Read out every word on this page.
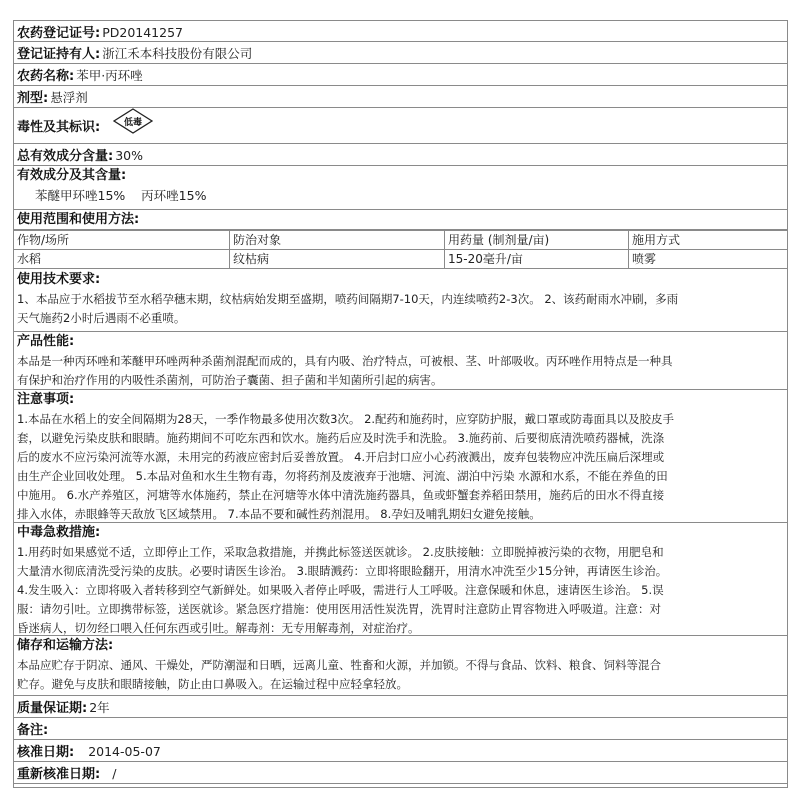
农药登记证号: PD20141257
登记证持有人: 浙江禾本科技股份有限公司
农药名称: 苯甲·丙环唑
剂型: 悬浮剂
毒性及其标识:	低毒
总有效成分含量: 30%
有效成分及其含量:
苯醚甲环唑15%    丙环唑15%
使用范围和使用方法:
作物/场所	防治对象	用药量 (制剂量/亩)	施用方式
水稻	纹枯病	15-20毫升/亩	喷雾
使用技术要求:
1、本品应于水稻拔节至水稻孕穗末期，纹枯病始发期至盛期，喷药间隔期7-10天，内连续喷药2-3次。 2、该药耐雨水冲刷，多雨
天气施药2小时后遇雨不必重喷。
产品性能:
本品是一种丙环唑和苯醚甲环唑两种杀菌剂混配而成的，具有内吸、治疗特点，可被根、茎、叶部吸收。丙环唑作用特点是一种具
有保护和治疗作用的内吸性杀菌剂，可防治子囊菌、担子菌和半知菌所引起的病害。
注意事项:
1.本品在水稻上的安全间隔期为28天，一季作物最多使用次数3次。 2.配药和施药时，应穿防护服，戴口罩或防毒面具以及胶皮手
套，以避免污染皮肤和眼睛。施药期间不可吃东西和饮水。施药后应及时洗手和洗脸。 3.施药前、后要彻底清洗喷药器械，洗涤
后的废水不应污染河流等水源，未用完的药液应密封后妥善放置。 4.开启封口应小心药液溅出，废弃包装物应冲洗压扁后深埋或
由生产企业回收处理。 5.本品对鱼和水生生物有毒，勿将药剂及废液弃于池塘、河流、湖泊中污染 水源和水系，不能在养鱼的田
中施用。 6.水产养殖区，河塘等水体施药，禁止在河塘等水体中清洗施药器具，鱼或虾蟹套养稻田禁用，施药后的田水不得直接
排入水体，赤眼蜂等天敌放飞区域禁用。 7.本品不要和碱性药剂混用。 8.孕妇及哺乳期妇女避免接触。
中毒急救措施:
1.用药时如果感觉不适，立即停止工作，采取急救措施，并携此标签送医就诊。 2.皮肤接触：立即脱掉被污染的衣物，用肥皂和
大量清水彻底清洗受污染的皮肤。必要时请医生诊治。 3.眼睛溅药：立即将眼睑翻开，用清水冲洗至少15分钟，再请医生诊治。
4.发生吸入：立即将吸入者转移到空气新鲜处。如果吸入者停止呼吸，需进行人工呼吸。注意保暖和休息，速请医生诊治。 5.误
服：请勿引吐。立即携带标签，送医就诊。紧急医疗措施：使用医用活性炭洗胃，洗胃时注意防止胃容物进入呼吸道。注意：对
昏迷病人，切勿经口喂入任何东西或引吐。解毒剂：无专用解毒剂，对症治疗。
储存和运输方法:
本品应贮存于阴凉、通风、干燥处，严防潮湿和日晒，远离儿童、牲畜和火源，并加锁。不得与食品、饮料、粮食、饲料等混合
贮存。避免与皮肤和眼睛接触，防止由口鼻吸入。在运输过程中应轻拿轻放。
质量保证期: 2年
备注:
核准日期: 2014-05-07
重新核准日期: /
